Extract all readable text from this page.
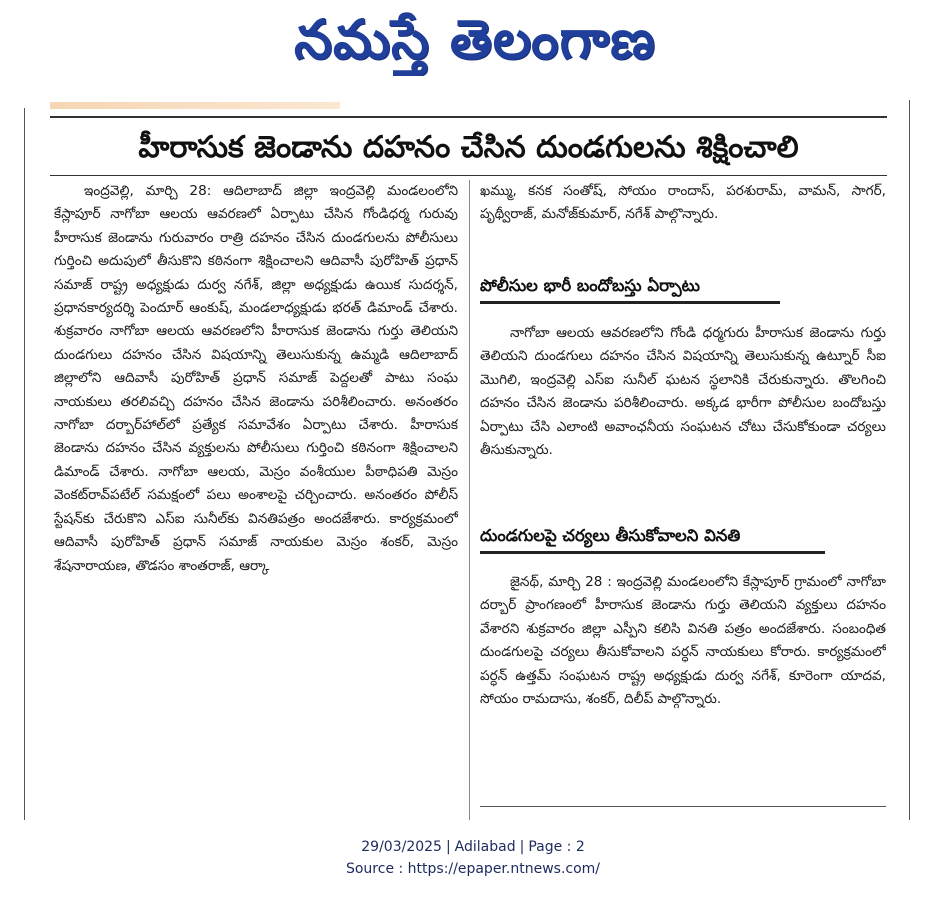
నమస్తే తెలంగాణ
హీరాసుక జెండాను దహనం చేసిన దుండగులను శిక్షించాలి

ఇంద్రవెల్లి, మార్చి 28: ఆదిలాబాద్ జిల్లా ఇంద్రవెల్లి మండలంలోని కేస్లాపూర్ నాగోబా ఆలయ ఆవరణలో ఏర్పాటు చేసిన గోండిధర్మ గురువు హీరాసుక జెండాను గురువారం రాత్రి దహనం చేసిన దుండగులను పోలీసులు గుర్తించి అదుపులో తీసుకొని కఠినంగా శిక్షించాలని ఆదివాసీ పురోహిత్ ప్రధాన్ సమాజ్ రాష్ట్ర అధ్యక్షుడు దుర్వ నగేశ్, జిల్లా అధ్యక్షుడు ఉయిక సుదర్శన్, ప్రధానకార్యదర్శి పెందూర్ ఆంకుష్, మండలాధ్యక్షుడు భరత్ డిమాండ్ చేశారు. శుక్రవారం నాగోబా ఆలయ ఆవరణలోని హీరాసుక జెండాను గుర్తు తెలియని దుండగులు దహనం చేసిన విషయాన్ని తెలుసుకున్న ఉమ్మడి ఆదిలాబాద్ జిల్లాలోని ఆదివాసీ పురోహిత్ ప్రధాన్ సమాజ్ పెద్దలతో పాటు సంఘ నాయకులు తరలివచ్చి దహనం చేసిన జెండాను పరిశీలించారు. అనంతరం నాగోబా దర్బార్‌హాల్‌లో ప్రత్యేక సమావేశం ఏర్పాటు చేశారు. హీరాసుక జెండాను దహనం చేసిన వ్యక్తులను పోలీసులు గుర్తించి కఠినంగా శిక్షించాలని డిమాండ్ చేశారు. నాగోబా ఆలయ, మెస్రం వంశీయుల పీఠాధిపతి మెస్రం వెంకట్‌రావ్‌పటేల్ సమక్షంలో పలు అంశాలపై చర్చించారు. అనంతరం పోలీస్ స్టేషన్‌కు చేరుకొని ఎస్ఐ సునీల్‌కు వినతిపత్రం అందజేశారు. కార్యక్రమంలో ఆదివాసీ పురోహిత్ ప్రధాన్ సమాజ్ నాయకుల మెస్రం శంకర్, మెస్రం శేషనారాయణ, తొడసం శాంతరాజ్, ఆర్కా

ఖమ్ము, కనక సంతోష్, సోయం రాందాస్, పరశురామ్, వామన్, సాగర్, పృథ్వీరాజ్, మనోజ్‌కుమార్, నగేశ్ పాల్గొన్నారు.

పోలీసుల భారీ బందోబస్తు ఏర్పాటు

నాగోబా ఆలయ ఆవరణలోని గోండి ధర్మగురు హీరాసుక జెండాను గుర్తు తెలియని దుండగులు దహనం చేసిన విషయాన్ని తెలుసుకున్న ఉట్నూర్ సీఐ మొగిలి, ఇంద్రవెల్లి ఎస్ఐ సునీల్ ఘటన స్థలానికి చేరుకున్నారు. తొలగించి దహనం చేసిన జెండాను పరిశీలించారు. అక్కడ భారీగా పోలీసుల బందోబస్తు ఏర్పాటు చేసి ఎలాంటి అవాంఛనీయ సంఘటన చోటు చేసుకోకుండా చర్యలు తీసుకున్నారు.

దుండగులపై చర్యలు తీసుకోవాలని వినతి

జైనథ్, మార్చి 28 : ఇంద్రవెల్లి మండలంలోని కేస్లాపూర్ గ్రామంలో నాగోబా దర్బార్ ప్రాంగణంలో హీరాసుక జెండాను గుర్తు తెలియని వ్యక్తులు దహనం వేశారని శుక్రవారం జిల్లా ఎస్పీని కలిసి వినతి పత్రం అందజేశారు. సంబంధిత దుండగులపై చర్యలు తీసుకోవాలని పర్ధన్ నాయకులు కోరారు. కార్యక్రమంలో పర్ధన్ ఉత్తమ్ సంఘటన రాష్ట్ర అధ్యక్షుడు దుర్వ నగేశ్, కూరెంగా యాదవ, సోయం రామదాసు, శంకర్, దిలీప్ పాల్గొన్నారు.

29/03/2025 | Adilabad | Page : 2
Source : https://epaper.ntnews.com/
